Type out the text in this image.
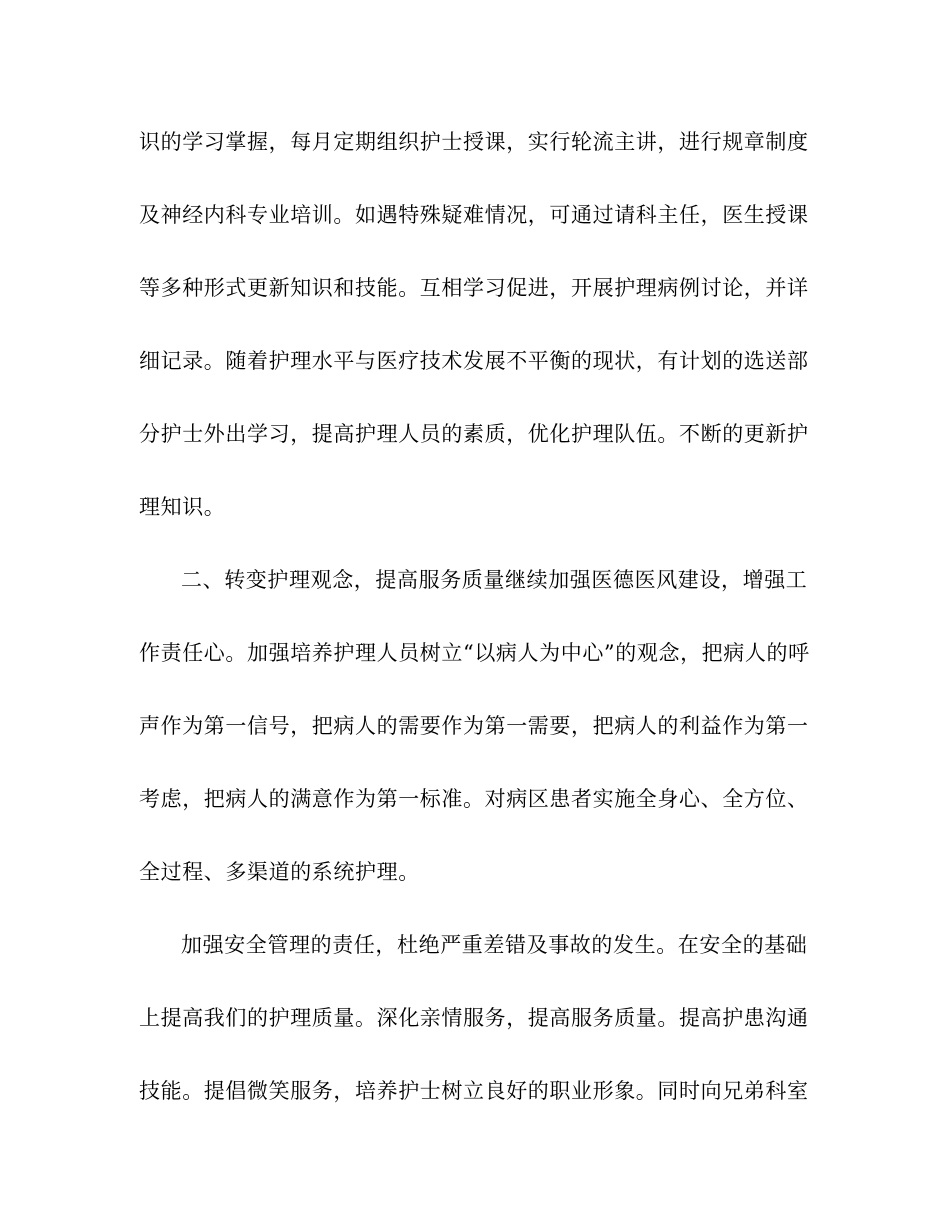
识的学习掌握，每月定期组织护士授课，实行轮流主讲，进行规章制度
及神经内科专业培训。如遇特殊疑难情况，可通过请科主任，医生授课
等多种形式更新知识和技能。互相学习促进，开展护理病例讨论，并详
细记录。随着护理水平与医疗技术发展不平衡的现状，有计划的选送部
分护士外出学习，提高护理人员的素质，优化护理队伍。不断的更新护
理知识。
二、转变护理观念，提高服务质量继续加强医德医风建设，增强工
作责任心。加强培养护理人员树立“以病人为中心”的观念，把病人的呼
声作为第一信号，把病人的需要作为第一需要，把病人的利益作为第一
考虑，把病人的满意作为第一标准。对病区患者实施全身心、全方位、
全过程、多渠道的系统护理。
加强安全管理的责任，杜绝严重差错及事故的发生。在安全的基础
上提高我们的护理质量。深化亲情服务，提高服务质量。提高护患沟通
技能。提倡微笑服务，培养护士树立良好的职业形象。同时向兄弟科室
